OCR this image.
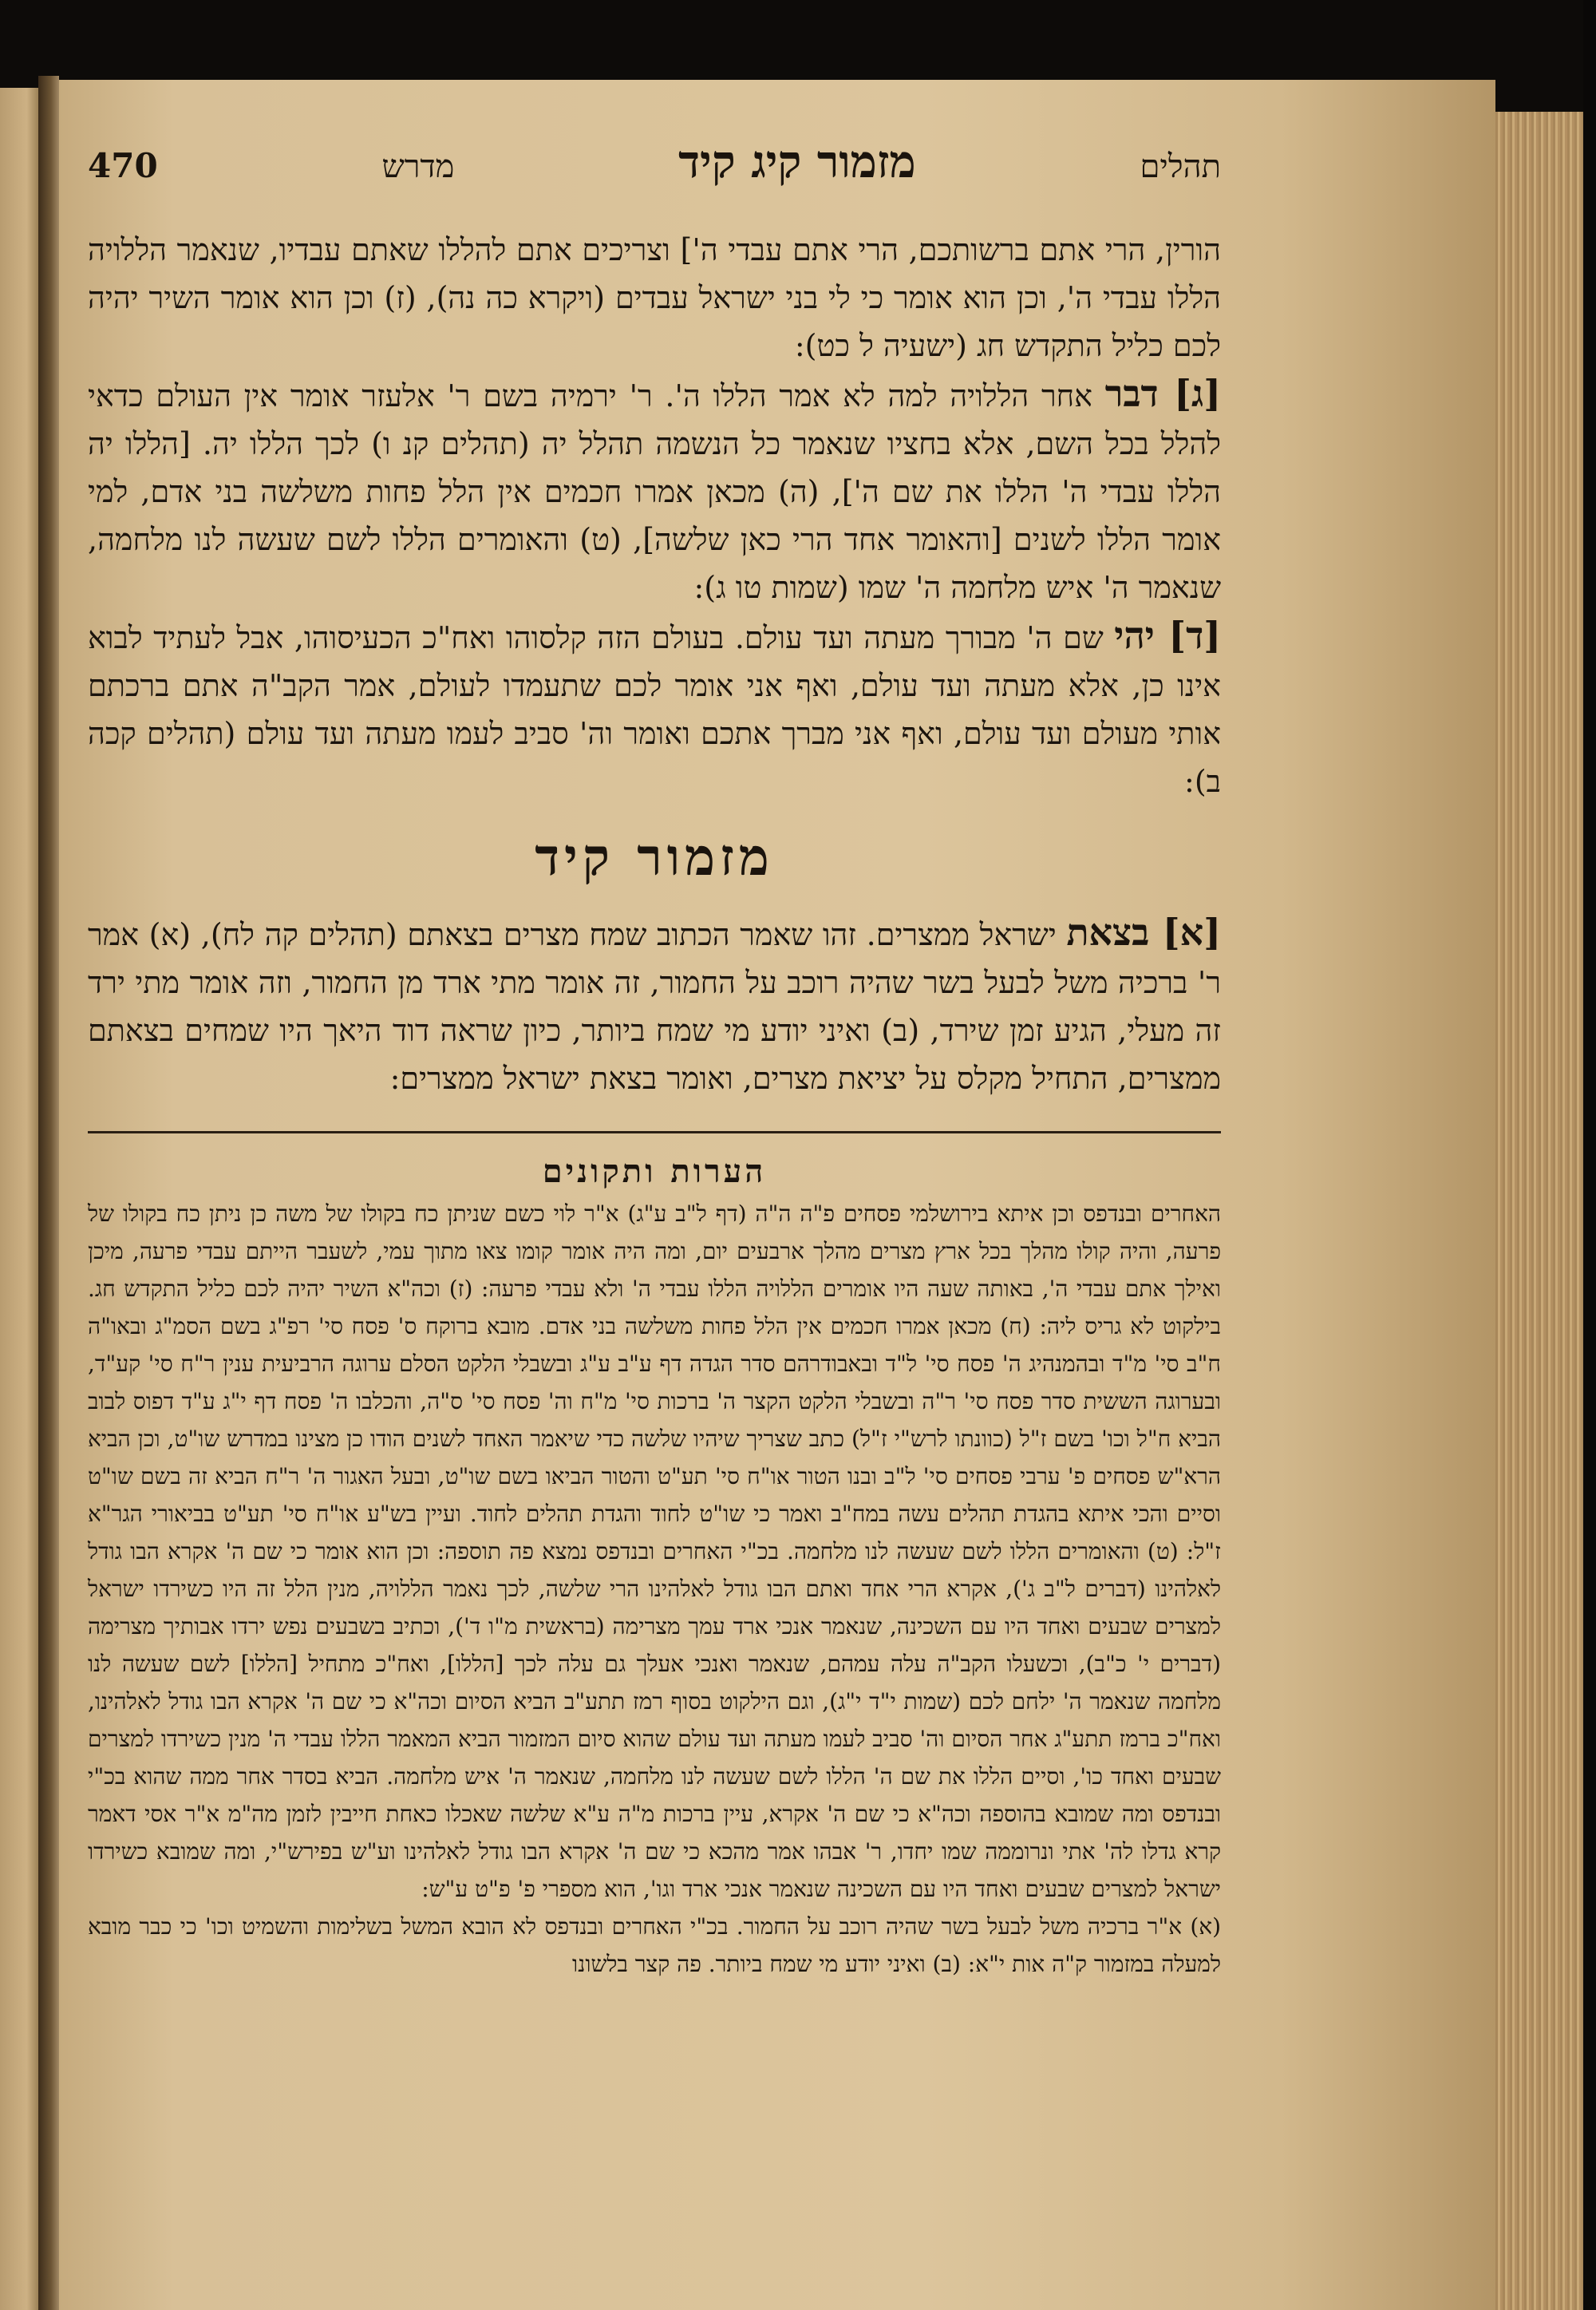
תהלים
מזמור קיג קיד
מדרש
470

הורין, הרי אתם ברשותכם, הרי אתם עבדי ה'] וצריכים אתם להללו שאתם עבדיו, שנאמר הללויה הללו עבדי ה', וכן הוא אומר כי לי בני ישראל עבדים (ויקרא כה נה), (ז) וכן הוא אומר השיר יהיה לכם כליל התקדש חג (ישעיה ל כט):

[ג] דבר אחר הללויה למה לא אמר הללו ה'. ר' ירמיה בשם ר' אלעזר אומר אין העולם כדאי להלל בכל השם, אלא בחציו שנאמר כל הנשמה תהלל יה (תהלים קנ ו) לכך הללו יה. [הללו יה הללו עבדי ה' הללו את שם ה'], (ה) מכאן אמרו חכמים אין הלל פחות משלשה בני אדם, למי אומר הללו לשנים [והאומר אחד הרי כאן שלשה], (ט) והאומרים הללו לשם שעשה לנו מלחמה, שנאמר ה' איש מלחמה ה' שמו (שמות טו ג):

[ד] יהי שם ה' מבורך מעתה ועד עולם. בעולם הזה קלסוהו ואח"כ הכעיסוהו, אבל לעתיד לבוא אינו כן, אלא מעתה ועד עולם, ואף אני אומר לכם שתעמדו לעולם, אמר הקב"ה אתם ברכתם אותי מעולם ועד עולם, ואף אני מברך אתכם ואומר וה' סביב לעמו מעתה ועד עולם (תהלים קכה ב):

מזמור קיד

[א] בצאת ישראל ממצרים. זהו שאמר הכתוב שמח מצרים בצאתם (תהלים קה לח), (א) אמר ר' ברכיה משל לבעל בשר שהיה רוכב על החמור, זה אומר מתי ארד מן החמור, וזה אומר מתי ירד זה מעלי, הגיע זמן שירד, (ב) ואיני יודע מי שמח ביותר, כיון שראה דוד היאך היו שמחים בצאתם ממצרים, התחיל מקלס על יציאת מצרים, ואומר בצאת ישראל ממצרים:

הערות ותקונים

האחרים ובנדפס וכן איתא בירושלמי פסחים פ"ה ה"ה (דף ל"ב ע"ג) א"ר לוי כשם שניתן כח בקולו של משה כן ניתן כח בקולו של פרעה, והיה קולו מהלך בכל ארץ מצרים מהלך ארבעים יום, ומה היה אומר קומו צאו מתוך עמי, לשעבר הייתם עבדי פרעה, מיכן ואילך אתם עבדי ה', באותה שעה היו אומרים הללויה הללו עבדי ה' ולא עבדי פרעה: (ז) וכה"א השיר יהיה לכם כליל התקדש חג. בילקוט לא גריס ליה: (ח) מכאן אמרו חכמים אין הלל פחות משלשה בני אדם. מובא ברוקח ס' פסח סי' רפ"ג בשם הסמ"ג ובאו"ה ח"ב סי' מ"ד ובהמנהיג ה' פסח סי' ל"ד ובאבודרהם סדר הגדה דף ע"ב ע"ג ובשבלי הלקט הסלם ערוגה הרביעית ענין ר"ח סי' קע"ד, ובערוגה הששית סדר פסח סי' ר"ה ובשבלי הלקט הקצר ה' ברכות סי' מ"ח וה' פסח סי' ס"ה, והכלבו ה' פסח דף י"ג ע"ד דפוס לבוב הביא ח"ל וכו' בשם ז"ל (כוונתו לרש"י ז"ל) כתב שצריך שיהיו שלשה כדי שיאמר האחד לשנים הודו כן מצינו במדרש שו"ט, וכן הביא הרא"ש פסחים פ' ערבי פסחים סי' ל"ב ובנו הטור או"ח סי' תע"ט והטור הביאו בשם שו"ט, ובעל האגור ה' ר"ח הביא זה בשם שו"ט וסיים והכי איתא בהגדת תהלים עשה במח"ב ואמר כי שו"ט לחוד והגדת תהלים לחוד. ועיין בש"ע או"ח סי' תע"ט בביאורי הגר"א ז"ל: (ט) והאומרים הללו לשם שעשה לנו מלחמה. בכ"י האחרים ובנדפס נמצא פה תוספה: וכן הוא אומר כי שם ה' אקרא הבו גודל לאלהינו (דברים ל"ב ג'), אקרא הרי אחד ואתם הבו גודל לאלהינו הרי שלשה, לכך נאמר הללויה, מנין הלל זה היו כשירדו ישראל למצרים שבעים ואחד היו עם השכינה, שנאמר אנכי ארד עמך מצרימה (בראשית מ"ו ד'), וכתיב בשבעים נפש ירדו אבותיך מצרימה (דברים י' כ"ב), וכשעלו הקב"ה עלה עמהם, שנאמר ואנכי אעלך גם עלה לכך [הללו], ואח"כ מתחיל [הללו] לשם שעשה לנו מלחמה שנאמר ה' ילחם לכם (שמות י"ד י"ג), וגם הילקוט בסוף רמז תתע"ב הביא הסיום וכה"א כי שם ה' אקרא הבו גודל לאלהינו, ואח"כ ברמז תתע"ג אחר הסיום וה' סביב לעמו מעתה ועד עולם שהוא סיום המזמור הביא המאמר הללו עבדי ה' מנין כשירדו למצרים שבעים ואחד כו', וסיים הללו את שם ה' הללו לשם שעשה לנו מלחמה, שנאמר ה' איש מלחמה. הביא בסדר אחר ממה שהוא בכ"י ובנדפס ומה שמובא בהוספה וכה"א כי שם ה' אקרא, עיין ברכות מ"ה ע"א שלשה שאכלו כאחת חייבין לזמן מה"מ א"ר אסי דאמר קרא גדלו לה' אתי ונרוממה שמו יחדו, ר' אבהו אמר מהכא כי שם ה' אקרא הבו גודל לאלהינו וע"ש בפירש"י, ומה שמובא כשירדו ישראל למצרים שבעים ואחד היו עם השכינה שנאמר אנכי ארד וגו', הוא מספרי פ' פ"ט ע"ש:

(א) א"ר ברכיה משל לבעל בשר שהיה רוכב על החמור. בכ"י האחרים ובנדפס לא הובא המשל בשלימות והשמיט וכו' כי כבר מובא למעלה במזמור ק"ה אות י"א: (ב) ואיני יודע מי שמח ביותר. פה קצר בלשונו
